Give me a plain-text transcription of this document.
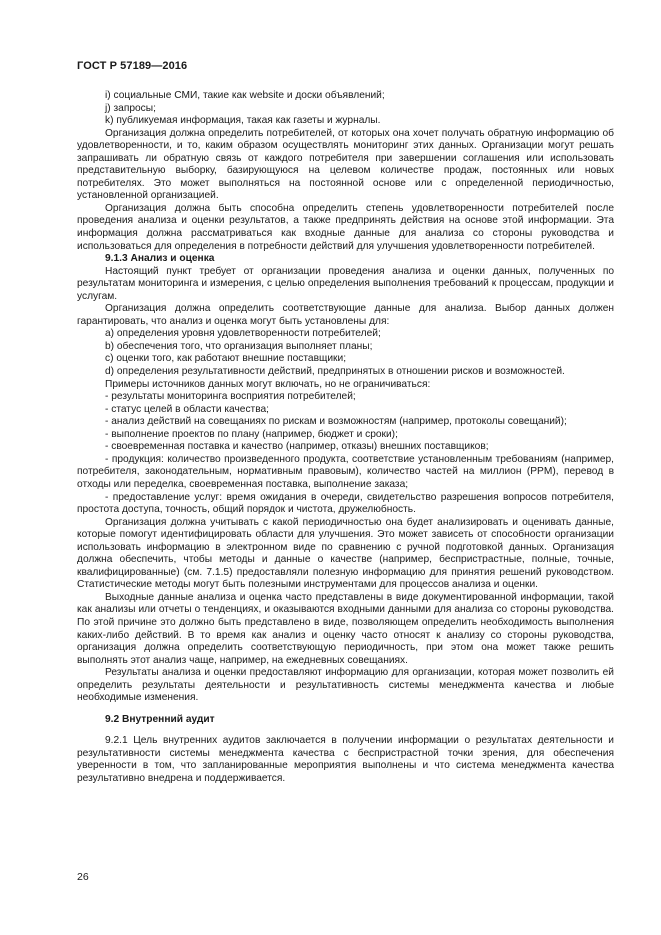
ГОСТ Р 57189—2016

i) социальные СМИ, такие как website и доски объявлений;

j) запросы;

k) публикуемая информация, такая как газеты и журналы.

Организация должна определить потребителей, от которых она хочет получать обратную информацию об удовлетворенности, и то, каким образом осуществлять мониторинг этих данных. Организации могут решать запрашивать ли обратную связь от каждого потребителя при завершении соглашения или использовать представительную выборку, базирующуюся на целевом количестве продаж, постоянных или новых потребителях. Это может выполняться на постоянной основе или с определенной периодичностью, установленной организацией.

Организация должна быть способна определить степень удовлетворенности потребителей после проведения анализа и оценки результатов, а также предпринять действия на основе этой информации. Эта информация должна рассматриваться как входные данные для анализа со стороны руководства и использоваться для определения в потребности действий для улучшения удовлетворенности потребителей.

9.1.3 Анализ и оценка

Настоящий пункт требует от организации проведения анализа и оценки данных, полученных по результатам мониторинга и измерения, с целью определения выполнения требований к процессам, продукции и услугам.

Организация должна определить соответствующие данные для анализа. Выбор данных должен гарантировать, что анализ и оценка могут быть установлены для:

a) определения уровня удовлетворенности потребителей;

b) обеспечения того, что организация выполняет планы;

c) оценки того, как работают внешние поставщики;

d) определения результативности действий, предпринятых в отношении рисков и возможностей.

Примеры источников данных могут включать, но не ограничиваться:

- результаты мониторинга восприятия потребителей;

- статус целей в области качества;

- анализ действий на совещаниях по рискам и возможностям (например, протоколы совещаний);

- выполнение проектов по плану (например, бюджет и сроки);

- своевременная поставка и качество (например, отказы) внешних поставщиков;

- продукция: количество произведенного продукта, соответствие установленным требованиям (например, потребителя, законодательным, нормативным правовым), количество частей на миллион (PPM), перевод в отходы или переделка, своевременная поставка, выполнение заказа;

- предоставление услуг: время ожидания в очереди, свидетельство разрешения вопросов потребителя, простота доступа, точность, общий порядок и чистота, дружелюбность.

Организация должна учитывать с какой периодичностью она будет анализировать и оценивать данные, которые помогут идентифицировать области для улучшения. Это может зависеть от способности организации использовать информацию в электронном виде по сравнению с ручной подготовкой данных. Организация должна обеспечить, чтобы методы и данные о качестве (например, беспристрастные, полные, точные, квалифицированные) (см. 7.1.5) предоставляли полезную информацию для принятия решений руководством. Статистические методы могут быть полезными инструментами для процессов анализа и оценки.

Выходные данные анализа и оценка часто представлены в виде документированной информации, такой как анализы или отчеты о тенденциях, и оказываются входными данными для анализа со стороны руководства. По этой причине это должно быть представлено в виде, позволяющем определить необходимость выполнения каких-либо действий. В то время как анализ и оценку часто относят к анализу со стороны руководства, организация должна определить соответствующую периодичность, при этом она может также решить выполнять этот анализ чаще, например, на ежедневных совещаниях.

Результаты анализа и оценки предоставляют информацию для организации, которая может позволить ей определить результаты деятельности и результативность системы менеджмента качества и любые необходимые изменения.

9.2 Внутренний аудит

9.2.1 Цель внутренних аудитов заключается в получении информации о результатах деятельности и результативности системы менеджмента качества с беспристрастной точки зрения, для обеспечения уверенности в том, что запланированные мероприятия выполнены и что система менеджмента качества результативно внедрена и поддерживается.

26
